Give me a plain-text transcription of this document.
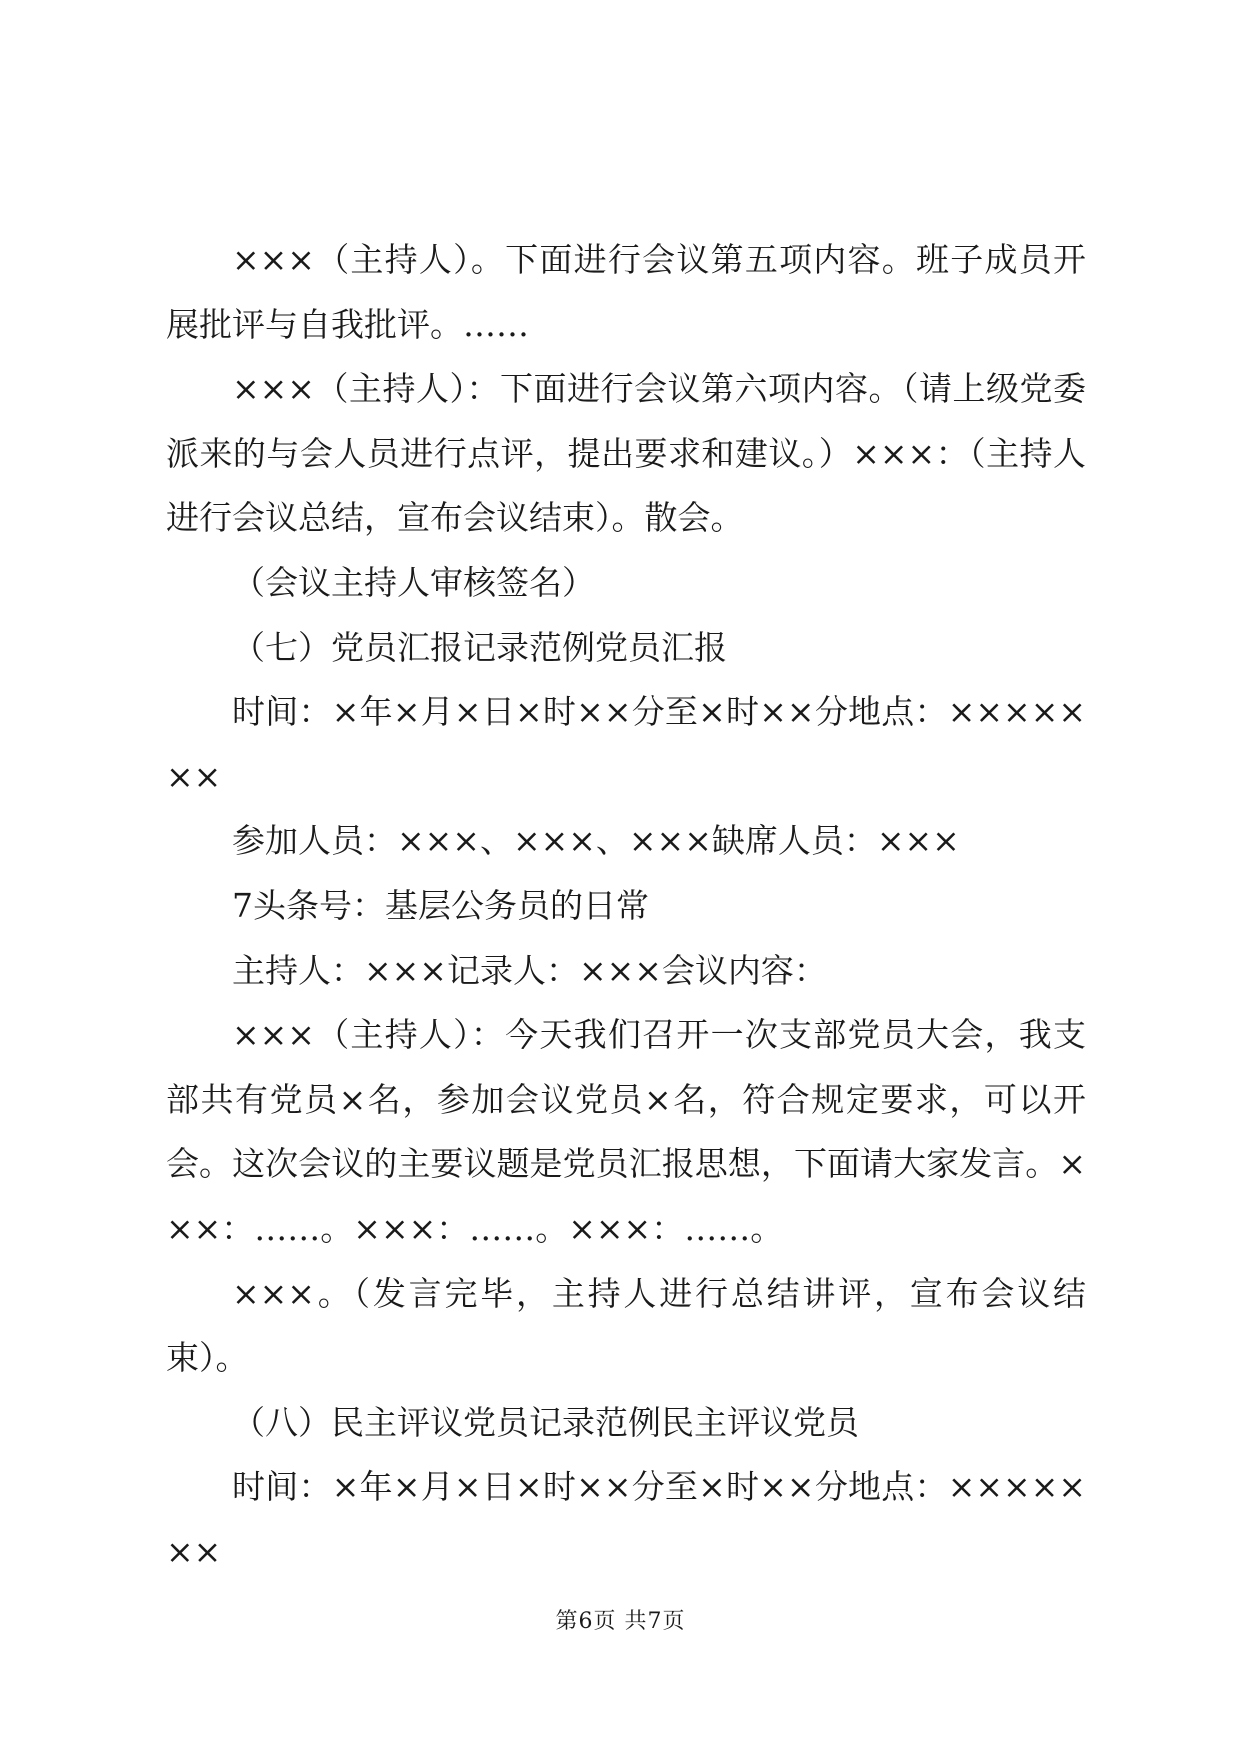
×××（主持人）。下面进行会议第五项内容。班子成员开展批评与自我批评。……

×××（主持人）：下面进行会议第六项内容。（请上级党委派来的与会人员进行点评，提出要求和建议。）×××：（主持人进行会议总结，宣布会议结束）。散会。

（会议主持人审核签名）

（七）党员汇报记录范例党员汇报

时间：×年×月×日×时××分至×时××分地点：×××××××

参加人员：×××、×××、×××缺席人员：×××

7头条号：基层公务员的日常

主持人：×××记录人：×××会议内容：

×××（主持人）：今天我们召开一次支部党员大会，我支部共有党员×名，参加会议党员×名，符合规定要求，可以开会。这次会议的主要议题是党员汇报思想，下面请大家发言。×××：……。×××：……。×××：……。

×××。（发言完毕，主持人进行总结讲评，宣布会议结束）。

（八）民主评议党员记录范例民主评议党员

时间：×年×月×日×时××分至×时××分地点：×××××××

第6页 共7页
